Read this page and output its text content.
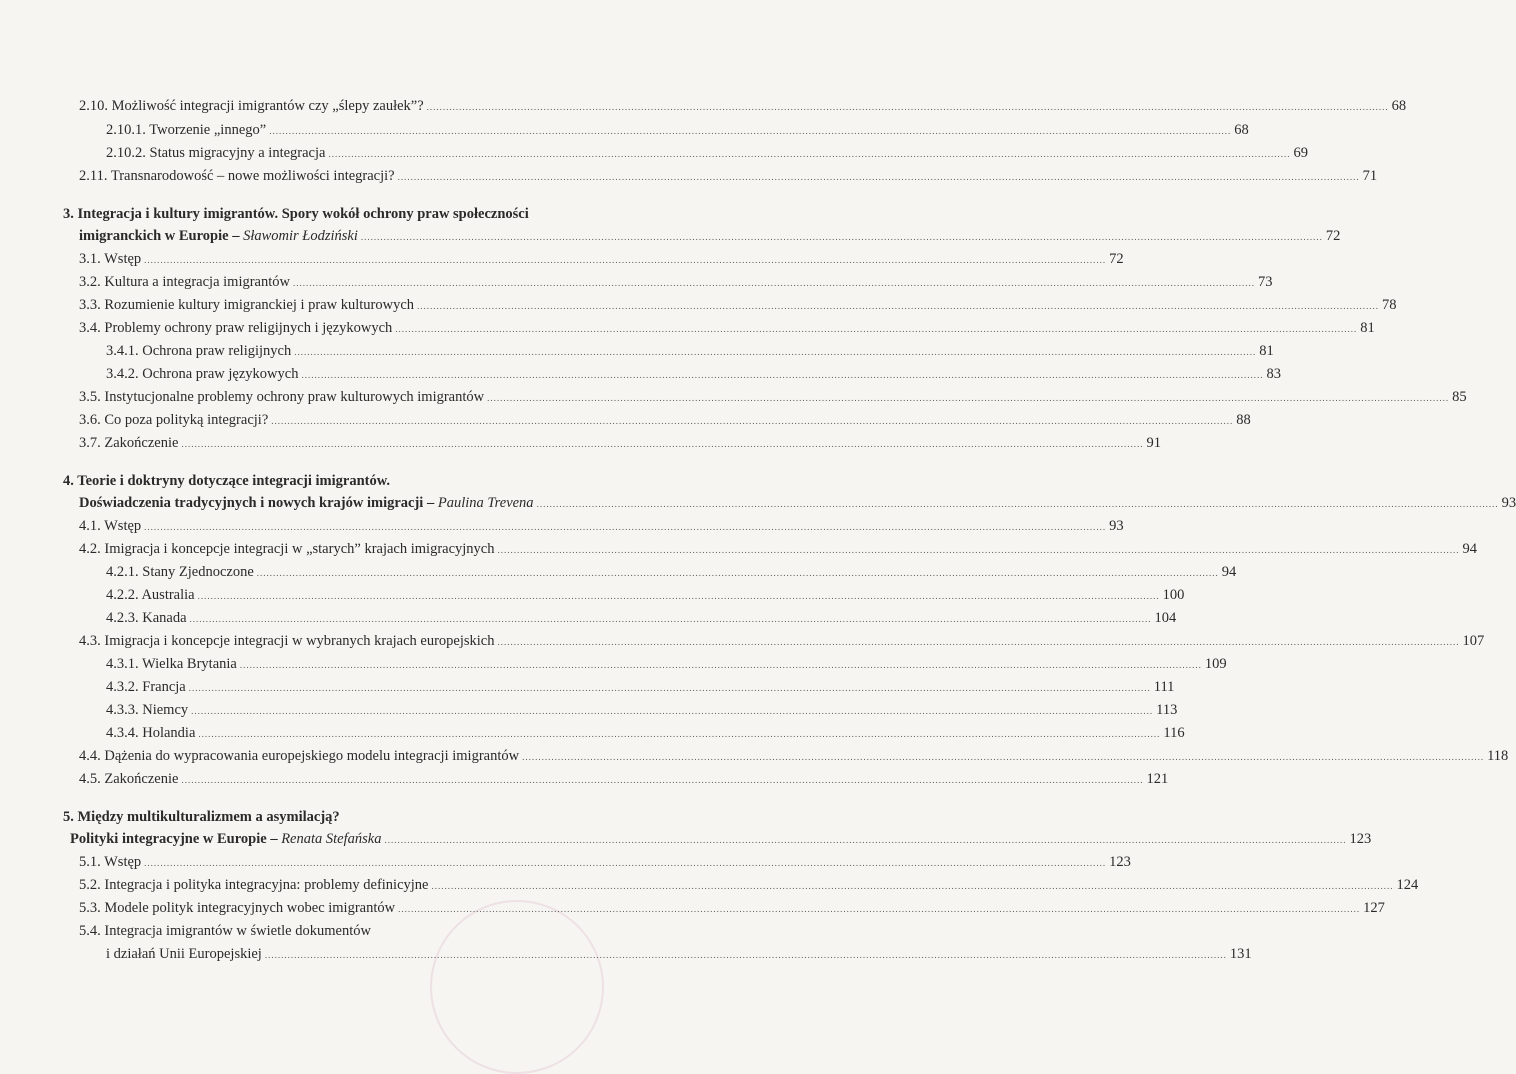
2.10. Możliwość integracji imigrantów czy „ślepy zaułek”? .....	68
2.10.1. Tworzenie „innego” .....	68
2.10.2. Status migracyjny a integracja .....	69
2.11. Transnarodowość – nowe możliwości integracji? .....	71
3. Integracja i kultury imigrantów. Spory wokół ochrony praw społeczności
imigranckich w Europie – Sławomir Łodziński .....	72
3.1. Wstęp .....	72
3.2. Kultura a integracja imigrantów .....	73
3.3. Rozumienie kultury imigranckiej i praw kulturowych .....	78
3.4. Problemy ochrony praw religijnych i językowych .....	81
3.4.1. Ochrona praw religijnych .....	81
3.4.2. Ochrona praw językowych .....	83
3.5. Instytucjonalne problemy ochrony praw kulturowych imigrantów .....	85
3.6. Co poza polityką integracji? .....	88
3.7. Zakończenie .....	91
4. Teorie i doktryny dotyczące integracji imigrantów.
Doświadczenia tradycyjnych i nowych krajów imigracji – Paulina Trevena .....	93
4.1. Wstęp .....	93
4.2. Imigracja i koncepcje integracji w „starych” krajach imigracyjnych .....	94
4.2.1. Stany Zjednoczone .....	94
4.2.2. Australia .....	100
4.2.3. Kanada .....	104
4.3. Imigracja i koncepcje integracji w wybranych krajach europejskich .....	107
4.3.1. Wielka Brytania .....	109
4.3.2. Francja .....	111
4.3.3. Niemcy .....	113
4.3.4. Holandia .....	116
4.4. Dążenia do wypracowania europejskiego modelu integracji imigrantów .....	118
4.5. Zakończenie .....	121
5. Między multikulturalizmem a asymilacją?
Polityki integracyjne w Europie – Renata Stefańska .....	123
5.1. Wstęp .....	123
5.2. Integracja i polityka integracyjna: problemy definicyjne .....	124
5.3. Modele polityk integracyjnych wobec imigrantów .....	127
5.4. Integracja imigrantów w świetle dokumentów
i działań Unii Europejskiej .....	131
